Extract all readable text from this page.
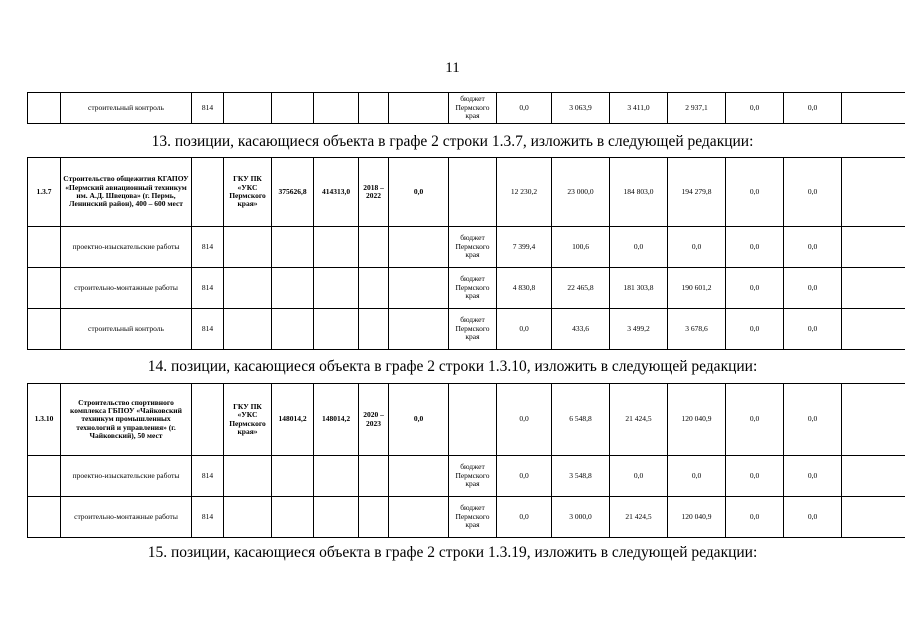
11
	строительный контроль	814						бюджет Пермского края	0,0	3 063,9	3 411,0	2 937,1	0,0	0,0	
13. позиции, касающиеся объекта в графе 2 строки 1.3.7, изложить в следующей редакции:
1.3.7	Строительство общежития КГАПОУ «Пермский авиационный техникум им. А.Д. Швецова» (г. Пермь, Ленинский район), 400 – 600 мест		ГКУ ПК «УКС Пермского края»	375626,8	414313,0	2018 – 2022	0,0		12 230,2	23 000,0	184 803,0	194 279,8	0,0	0,0	
	проектно-изыскательские работы	814						бюджет Пермского края	7 399,4	100,6	0,0	0,0	0,0	0,0	
	строительно-монтажные работы	814						бюджет Пермского края	4 830,8	22 465,8	181 303,8	190 601,2	0,0	0,0	
	строительный контроль	814						бюджет Пермского края	0,0	433,6	3 499,2	3 678,6	0,0	0,0	
14. позиции, касающиеся объекта в графе 2 строки 1.3.10, изложить в следующей редакции:
1.3.10	Строительство спортивного комплекса ГБПОУ «Чайковский техникум промышленных технологий и управления» (г. Чайковский), 50 мест		ГКУ ПК «УКС Пермского края»	148014,2	148014,2	2020 – 2023	0,0		0,0	6 548,8	21 424,5	120 040,9	0,0	0,0	
	проектно-изыскательские работы	814						бюджет Пермского края	0,0	3 548,8	0,0	0,0	0,0	0,0	
	строительно-монтажные работы	814						бюджет Пермского края	0,0	3 000,0	21 424,5	120 040,9	0,0	0,0	
15. позиции, касающиеся объекта в графе 2 строки 1.3.19, изложить в следующей редакции:
